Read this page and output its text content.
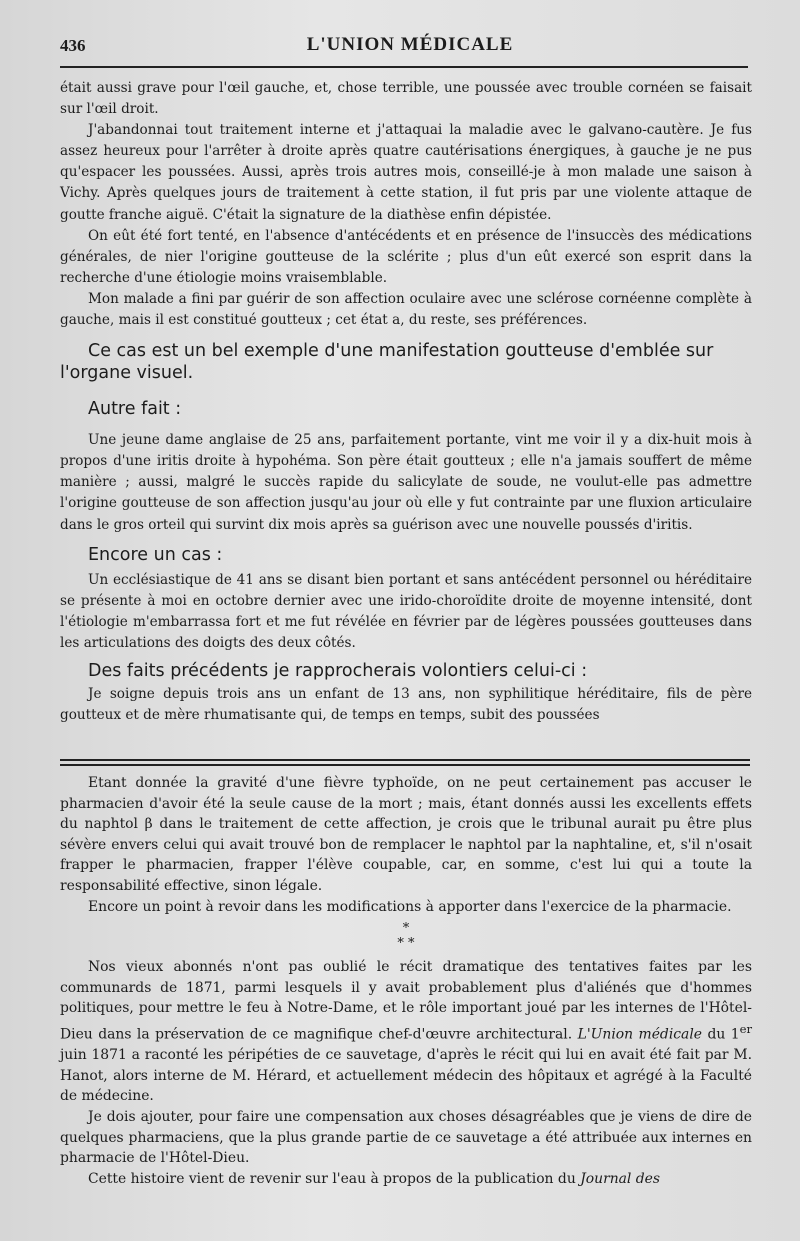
436	L'UNION MÉDICALE

était aussi grave pour l'œil gauche, et, chose terrible, une poussée avec trouble cornéen se faisait sur l'œil droit.

J'abandonnai tout traitement interne et j'attaquai la maladie avec le galvano-cautère. Je fus assez heureux pour l'arrêter à droite après quatre cautérisations énergiques, à gauche je ne pus qu'espacer les poussées. Aussi, après trois autres mois, conseillé-je à mon malade une saison à Vichy. Après quelques jours de traitement à cette station, il fut pris par une violente attaque de goutte franche aiguë. C'était la signature de la diathèse enfin dépistée.

On eût été fort tenté, en l'absence d'antécédents et en présence de l'insuccès des médications générales, de nier l'origine goutteuse de la sclérite ; plus d'un eût exercé son esprit dans la recherche d'une étiologie moins vraisemblable.

Mon malade a fini par guérir de son affection oculaire avec une sclérose cornéenne complète à gauche, mais il est constitué goutteux ; cet état a, du reste, ses préférences.

Ce cas est un bel exemple d'une manifestation goutteuse d'emblée sur l'organe visuel.

Autre fait :

Une jeune dame anglaise de 25 ans, parfaitement portante, vint me voir il y a dix-huit mois à propos d'une iritis droite à hypohéma. Son père était goutteux ; elle n'a jamais souffert de même manière ; aussi, malgré le succès rapide du salicylate de soude, ne voulut-elle pas admettre l'origine goutteuse de son affection jusqu'au jour où elle y fut contrainte par une fluxion articulaire dans le gros orteil qui survint dix mois après sa guérison avec une nouvelle poussés d'iritis.

Encore un cas :

Un ecclésiastique de 41 ans se disant bien portant et sans antécédent personnel ou héréditaire se présente à moi en octobre dernier avec une irido-choroïdite droite de moyenne intensité, dont l'étiologie m'embarrassa fort et me fut révélée en février par de légères poussées goutteuses dans les articulations des doigts des deux côtés.

Des faits précédents je rapprocherais volontiers celui-ci :

Je soigne depuis trois ans un enfant de 13 ans, non syphilitique héréditaire, fils de père goutteux et de mère rhumatisante qui, de temps en temps, subit des poussées

Etant donnée la gravité d'une fièvre typhoïde, on ne peut certainement pas accuser le pharmacien d'avoir été la seule cause de la mort ; mais, étant donnés aussi les excellents effets du naphtol β dans le traitement de cette affection, je crois que le tribunal aurait pu être plus sévère envers celui qui avait trouvé bon de remplacer le naphtol par la naphtaline, et, s'il n'osait frapper le pharmacien, frapper l'élève coupable, car, en somme, c'est lui qui a toute la responsabilité effective, sinon légale.

Encore un point à revoir dans les modifications à apporter dans l'exercice de la pharmacie.

*
* *

Nos vieux abonnés n'ont pas oublié le récit dramatique des tentatives faites par les communards de 1871, parmi lesquels il y avait probablement plus d'aliénés que d'hommes politiques, pour mettre le feu à Notre-Dame, et le rôle important joué par les internes de l'Hôtel-Dieu dans la préservation de ce magnifique chef-d'œuvre architectural. L'Union médicale du 1er juin 1871 a raconté les péripéties de ce sauvetage, d'après le récit qui lui en avait été fait par M. Hanot, alors interne de M. Hérard, et actuellement médecin des hôpitaux et agrégé à la Faculté de médecine.

Je dois ajouter, pour faire une compensation aux choses désagréables que je viens de dire de quelques pharmaciens, que la plus grande partie de ce sauvetage a été attribuée aux internes en pharmacie de l'Hôtel-Dieu.

Cette histoire vient de revenir sur l'eau à propos de la publication du Journal des
